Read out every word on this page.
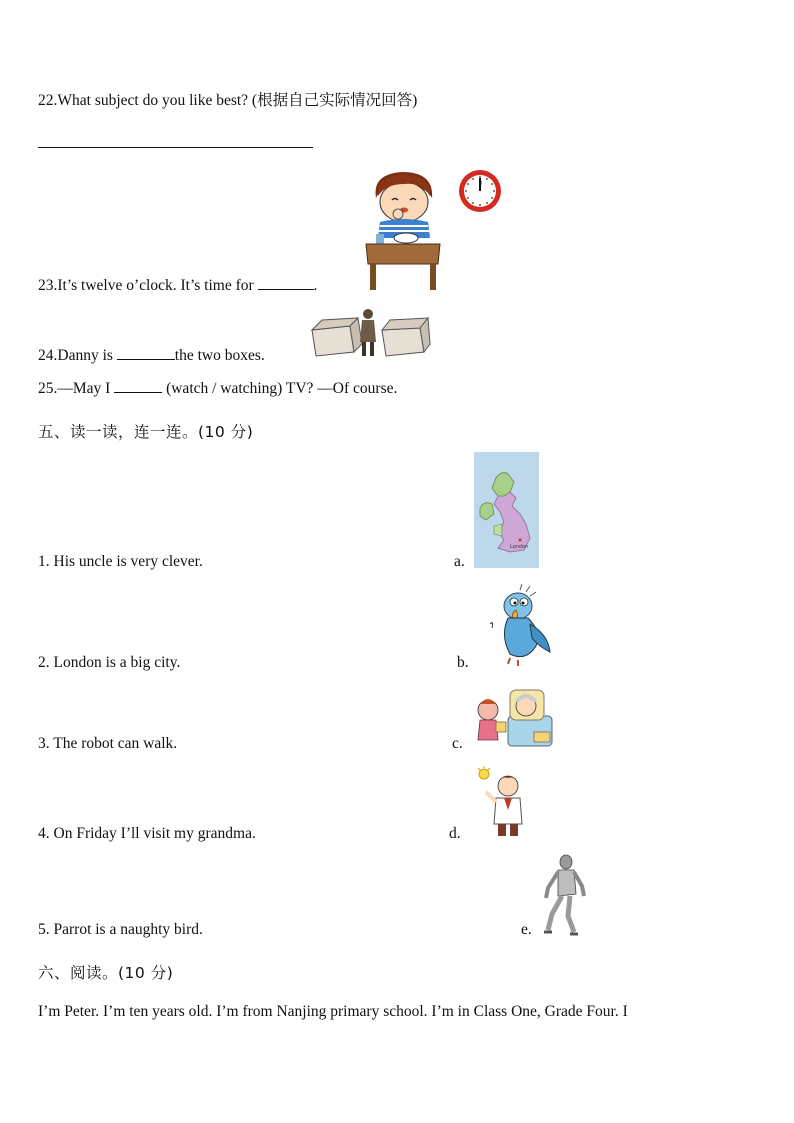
22.What subject do you like best? (根据自己实际情况回答)
23.It’s twelve o’clock. It’s time for	.
24.Danny is	the two boxes.
25.—May I	(watch / watching) TV? —Of course.
五、读一读，连一连。(10 分)
1. His uncle is very clever.
2. London is a big city.
3. The robot can walk.
4. On Friday I’ll visit my grandma.
5. Parrot is a naughty bird.
a.
b.
c.
d.
e.
London
六、阅读。(10 分)
I’m Peter. I’m ten years old. I’m from Nanjing primary school. I’m in Class One, Grade Four. I
